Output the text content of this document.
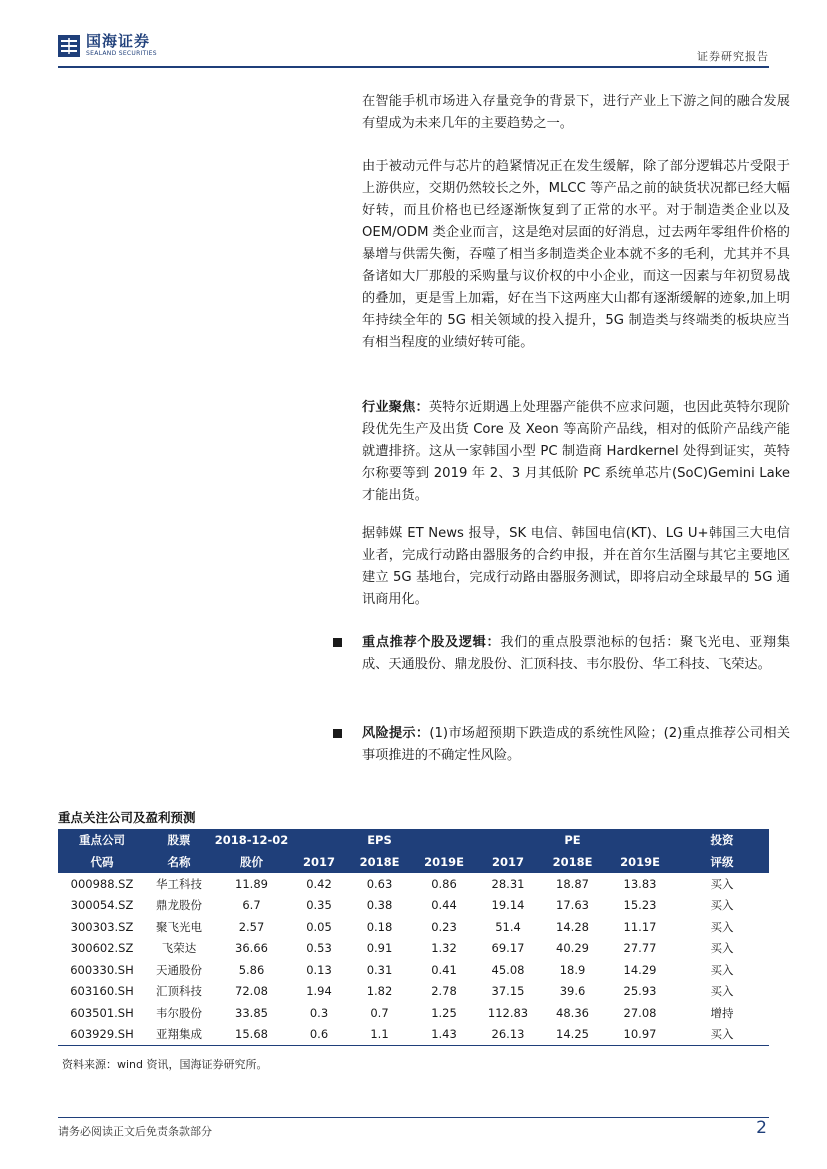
国海证券
SEALAND SECURITIES	证券研究报告

在智能手机市场进入存量竞争的背景下，进行产业上下游之间的融合发展有望成为未来几年的主要趋势之一。

由于被动元件与芯片的趋紧情况正在发生缓解，除了部分逻辑芯片受限于上游供应，交期仍然较长之外，MLCC 等产品之前的缺货状况都已经大幅好转，而且价格也已经逐渐恢复到了正常的水平。对于制造类企业以及 OEM/ODM 类企业而言，这是绝对层面的好消息，过去两年零组件价格的暴增与供需失衡，吞噬了相当多制造类企业本就不多的毛利，尤其并不具备诸如大厂那般的采购量与议价权的中小企业，而这一因素与年初贸易战的叠加，更是雪上加霜，好在当下这两座大山都有逐渐缓解的迹象,加上明年持续全年的 5G 相关领域的投入提升，5G 制造类与终端类的板块应当有相当程度的业绩好转可能。

行业聚焦：英特尔近期遇上处理器产能供不应求问题，也因此英特尔现阶段优先生产及出货 Core 及 Xeon 等高阶产品线，相对的低阶产品线产能就遭排挤。这从一家韩国小型 PC 制造商 Hardkernel 处得到证实，英特尔称要等到 2019 年 2、3 月其低阶 PC 系统单芯片(SoC)Gemini Lake 才能出货。

据韩媒 ET News 报导，SK 电信、韩国电信(KT)、LG U+韩国三大电信业者，完成行动路由器服务的合约申报，并在首尔生活圈与其它主要地区建立 5G 基地台，完成行动路由器服务测试，即将启动全球最早的 5G 通讯商用化。

重点推荐个股及逻辑：我们的重点股票池标的包括：聚飞光电、亚翔集成、天通股份、鼎龙股份、汇顶科技、韦尔股份、华工科技、飞荣达。

风险提示：(1)市场超预期下跌造成的系统性风险；(2)重点推荐公司相关事项推进的不确定性风险。

重点关注公司及盈利预测
重点公司	股票	2018-12-02		EPS			PE		投资
代码	名称	股价	2017	2018E	2019E	2017	2018E	2019E	评级
000988.SZ	华工科技	11.89	0.42	0.63	0.86	28.31	18.87	13.83	买入
300054.SZ	鼎龙股份	6.7	0.35	0.38	0.44	19.14	17.63	15.23	买入
300303.SZ	聚飞光电	2.57	0.05	0.18	0.23	51.4	14.28	11.17	买入
300602.SZ	飞荣达	36.66	0.53	0.91	1.32	69.17	40.29	27.77	买入
600330.SH	天通股份	5.86	0.13	0.31	0.41	45.08	18.9	14.29	买入
603160.SH	汇顶科技	72.08	1.94	1.82	2.78	37.15	39.6	25.93	买入
603501.SH	韦尔股份	33.85	0.3	0.7	1.25	112.83	48.36	27.08	增持
603929.SH	亚翔集成	15.68	0.6	1.1	1.43	26.13	14.25	10.97	买入
资料来源：wind 资讯，国海证券研究所。
请务必阅读正文后免责条款部分	2
